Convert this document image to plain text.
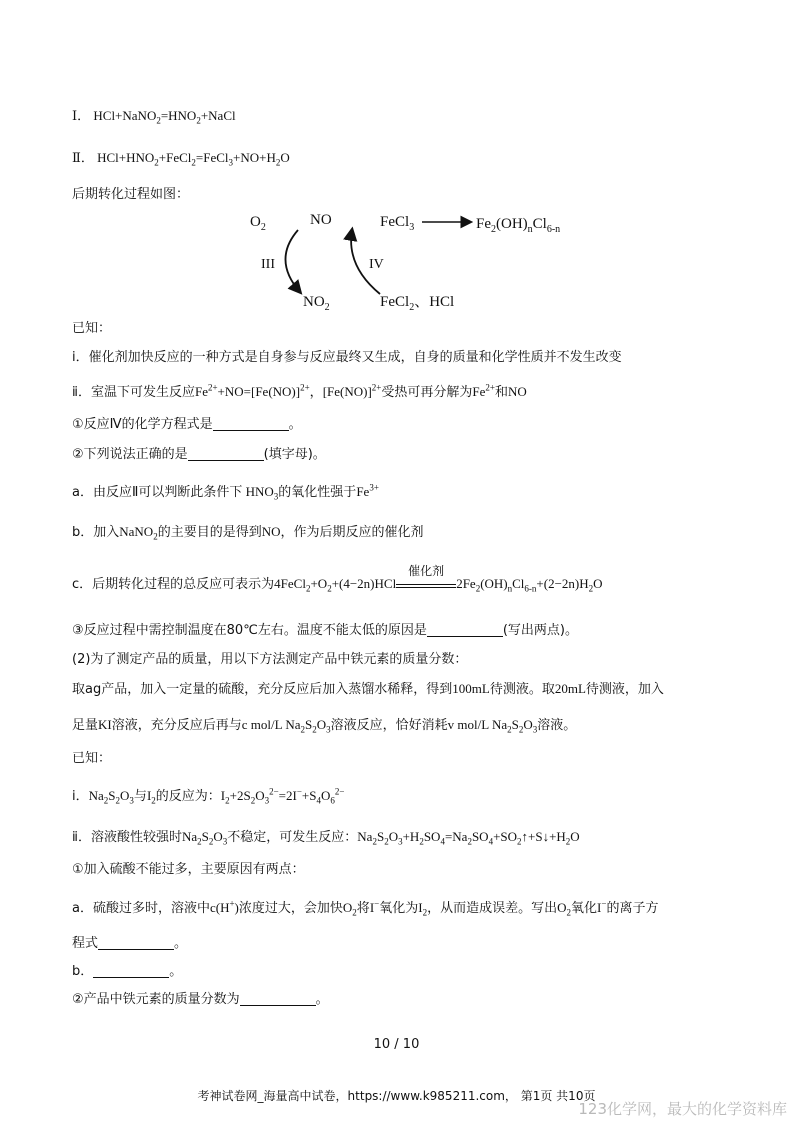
Ⅰ． $HCl+NaNO_2=HNO_2+NaCl$
Ⅱ． $HCl+HNO_2+FeCl_2=FeCl_3+NO+H_2O$
后期转化过程如图：
$O_2$	NO
$NO_2$
III	IV
FeCl$_3$	$Fe_2(OH)_nCl_{6-n}$
FeCl$_2$、HCl
已知：
ⅰ．催化剂加快反应的一种方式是自身参与反应最终又生成，自身的质量和化学性质并不发生改变
ⅱ．室温下可发生反应$Fe^{2+}+NO=[Fe(NO)]^{2+}$，$[Fe(NO)]^{2+}$受热可再分解为$Fe^{2+}$和NO
①反应Ⅳ的化学方程式是	。
②下列说法正确的是	(填字母)。
a．由反应Ⅱ可以判断此条件下 $HNO_3$的氧化性强于$Fe^{3+}$
b．加入NaNO$_2$的主要目的是得到NO，作为后期反应的催化剂
c．后期转化过程的总反应可表示为$4FeCl_2+O_2+(4-2n)HCl$
催化剂
$2Fe_2(OH)_nCl_{6-n}+(2-2n)H_2O$
③反应过程中需控制温度在80℃左右。温度不能太低的原因是	(写出两点)。
(2)为了测定产品的质量，用以下方法测定产品中铁元素的质量分数：
取ag产品，加入一定量的硫酸，充分反应后加入蒸馏水稀释，得到100mL待测液。取20mL待测液，加入
足量KI溶液，充分反应后再与c mol/L $Na_2S_2O_3$溶液反应，恰好消耗v mol/L $Na_2S_2O_3$溶液。
已知：
ⅰ．$Na_2S_2O_3$与$I_2$的反应为：$I_2+2S_2O_3^{2-}=2I^-+S_4O_6^{2-}$
ⅱ．溶液酸性较强时$Na_2S_2O_3$不稳定，可发生反应：$Na_2S_2O_3+H_2SO_4=Na_2SO_4+SO_2↑+S↓+H_2O$
①加入硫酸不能过多，主要原因有两点：
a．硫酸过多时，溶液中c(H+)浓度过大，会加快$O_2$将I−氧化为$I_2$，从而造成误差。写出$O_2$氧化I−的离子方
程式	。
b．	。
②产品中铁元素的质量分数为	。
10 / 10
考神试卷网_海量高中试卷，https://www.k985211.com， 第1页 共10页
123化学网，最大的化学资料库
